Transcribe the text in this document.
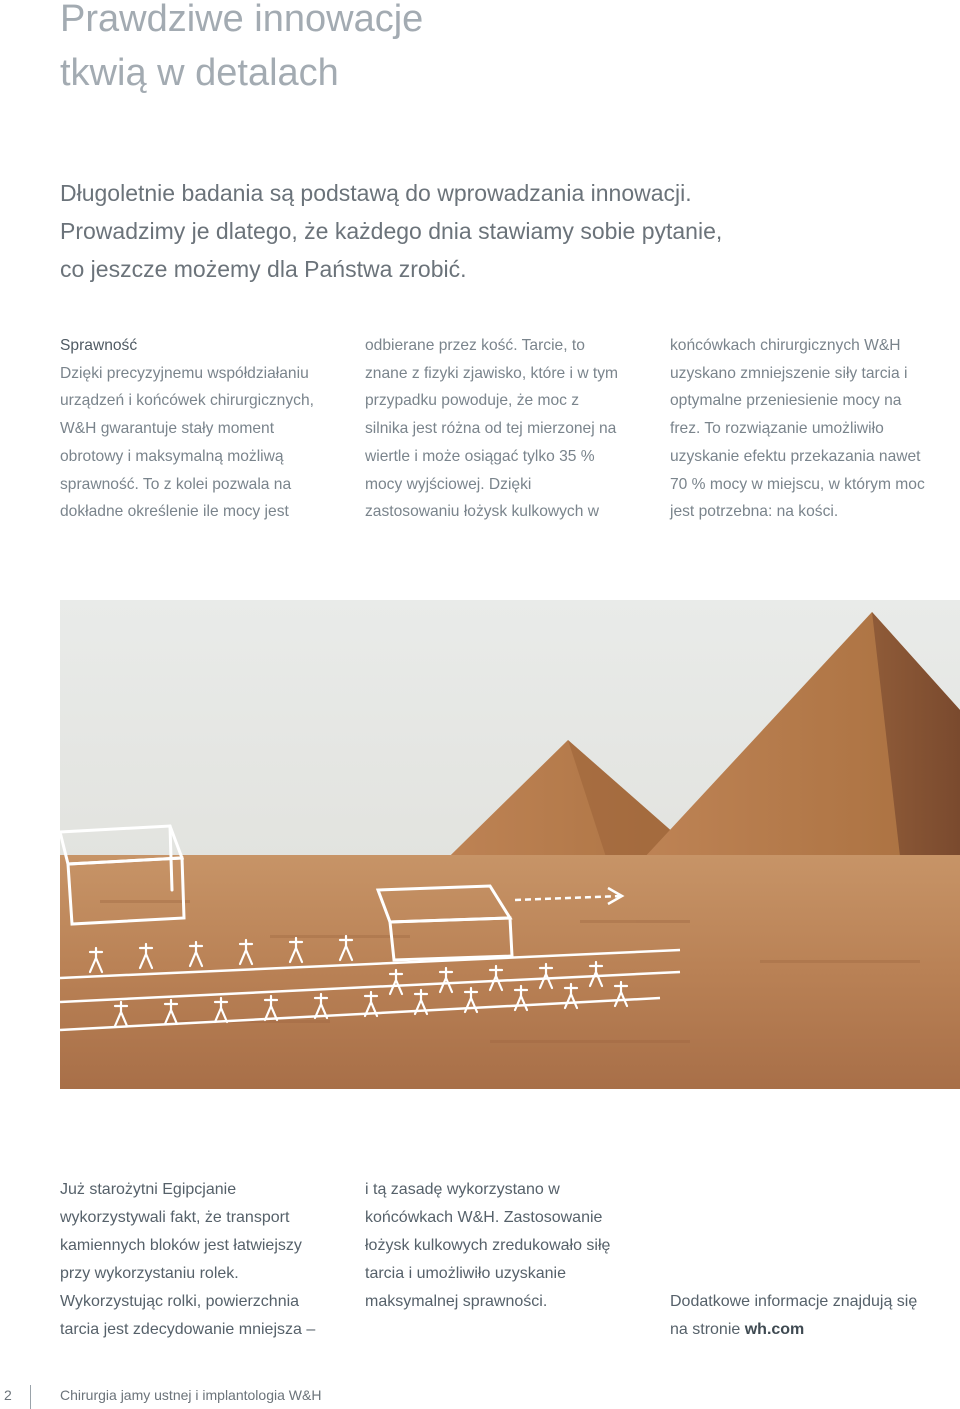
Prawdziwe innowacje
tkwią w detalach

Długoletnie badania są podstawą do wprowadzania innowacji.
Prowadzimy je dlatego, że każdego dnia stawiamy sobie pytanie,
co jeszcze możemy dla Państwa zrobić.

Sprawność
Dzięki precyzyjnemu współdziałaniu
urządzeń i końcówek chirurgicznych,
W&H gwarantuje stały moment
obrotowy i maksymalną możliwą
sprawność. To z kolei pozwala na
dokładne określenie ile mocy jest

odbierane przez kość. Tarcie, to
znane z fizyki zjawisko, które i w tym
przypadku powoduje, że moc z
silnika jest różna od tej mierzonej na
wiertle i może osiągać tylko 35 %
mocy wyjściowej. Dzięki
zastosowaniu łożysk kulkowych w

końcówkach chirurgicznych W&H
uzyskano zmniejszenie siły tarcia i
optymalne przeniesienie mocy na
frez. To rozwiązanie umożliwiło
uzyskanie efektu przekazania nawet
70 % mocy w miejscu, w którym moc
jest potrzebna: na kości.

Już starożytni Egipcjanie
wykorzystywali fakt, że transport
kamiennych bloków jest łatwiejszy
przy wykorzystaniu rolek.
Wykorzystując rolki, powierzchnia
tarcia jest zdecydowanie mniejsza –

i tą zasadę wykorzystano w
końcówkach W&H. Zastosowanie
łożysk kulkowych zredukowało siłę
tarcia i umożliwiło uzyskanie
maksymalnej sprawności.	Dodatkowe informacje znajdują się
na stronie wh.com

2	Chirurgia jamy ustnej i implantologia W&H
